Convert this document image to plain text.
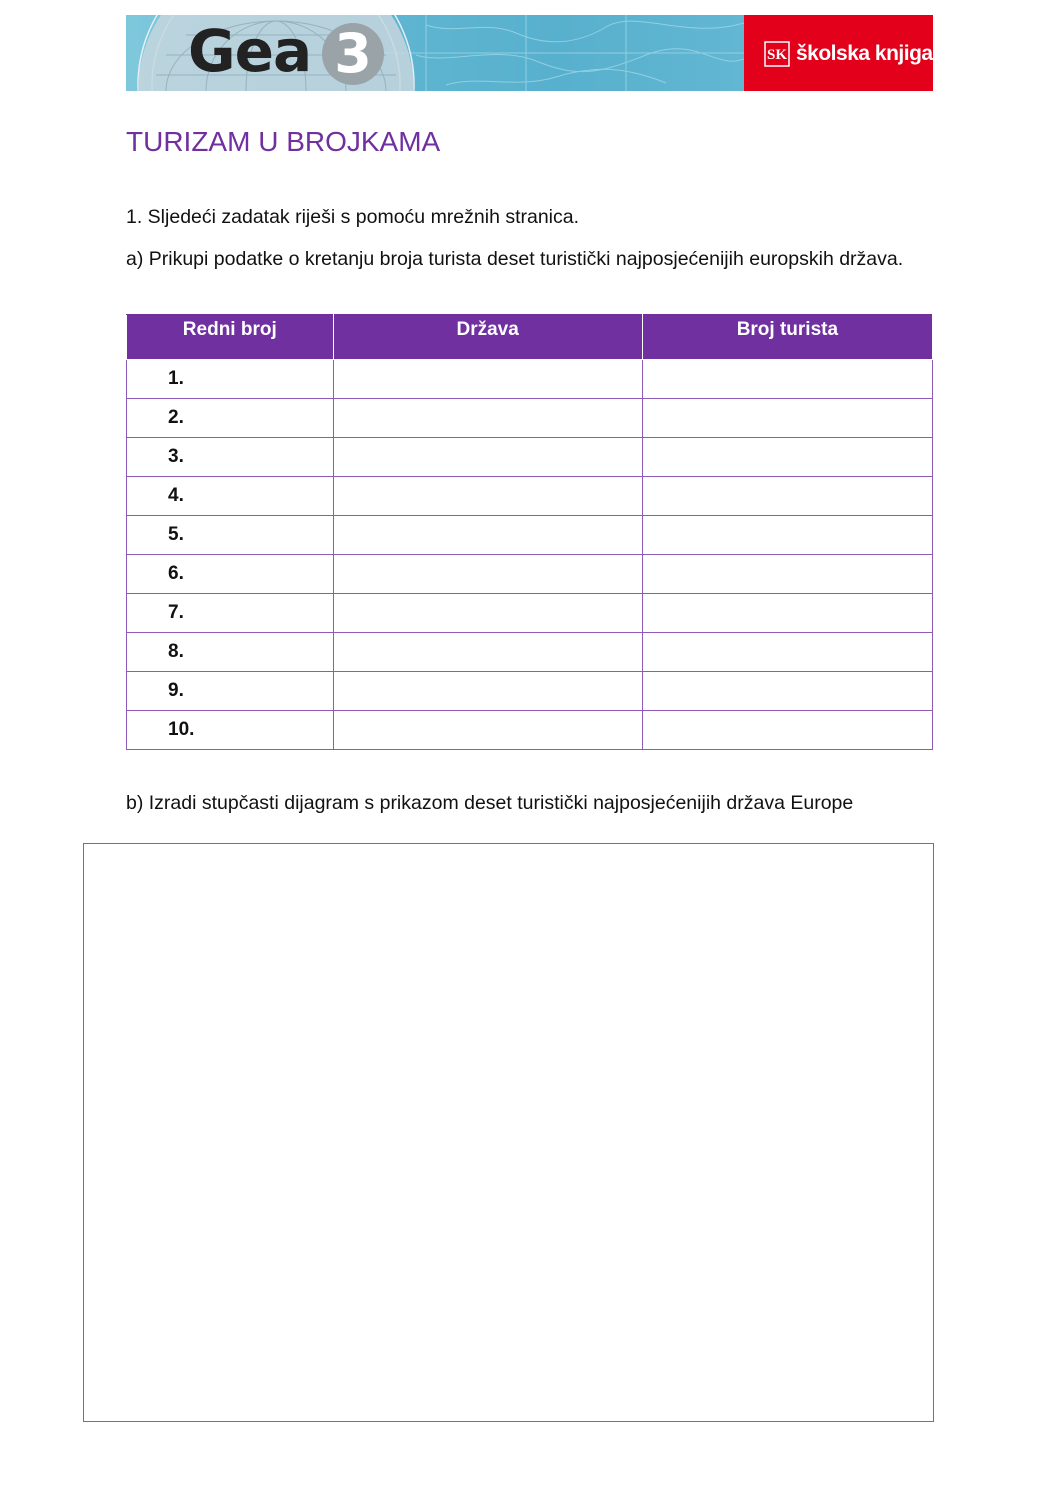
Gea 3	SK školska knjiga
TURIZAM U BROJKAMA
1. Sljedeći zadatak riješi s pomoću mrežnih stranica.
a) Prikupi podatke o kretanju broja turista deset turistički najposjećenijih europskih država.
Redni broj	Država	Broj turista
1.		
2.		
3.		
4.		
5.		
6.		
7.		
8.		
9.		
10.		
b) Izradi stupčasti dijagram s prikazom deset turistički najposjećenijih država Europe
